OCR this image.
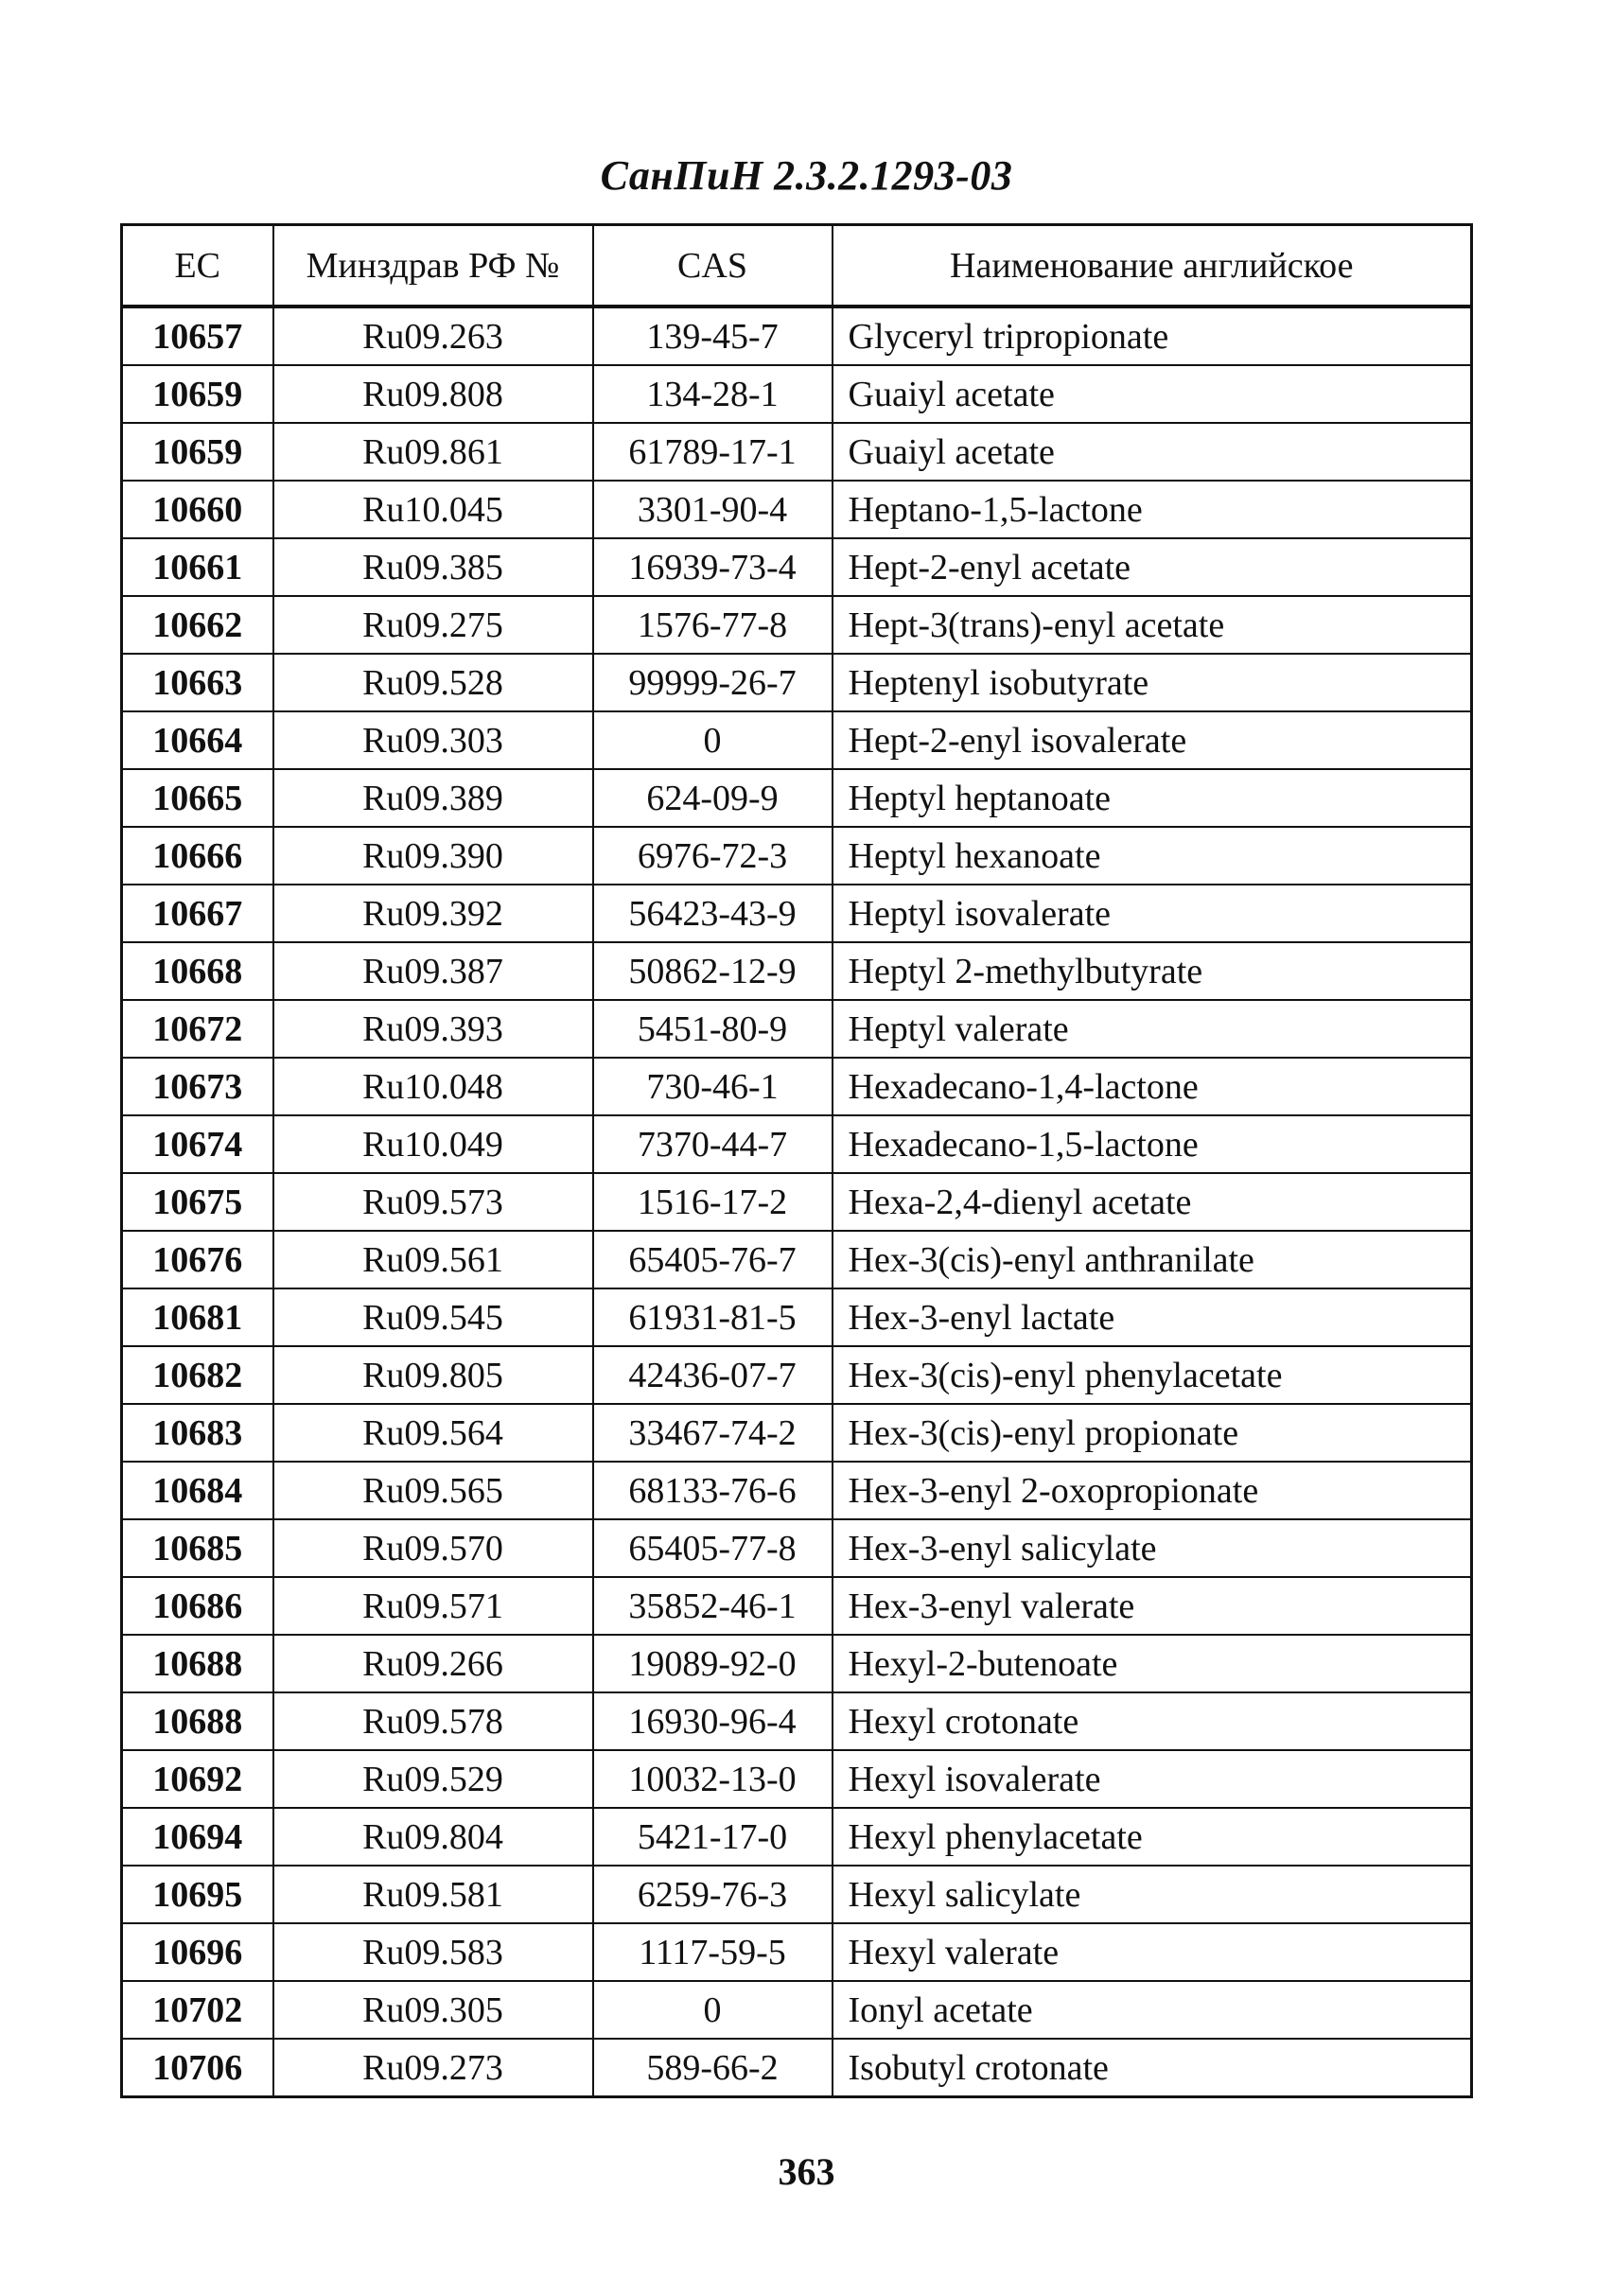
СанПиН 2.3.2.1293-03
EC	Минздрав РФ №	CAS	Наименование английское
10657	Ru09.263	139-45-7	Glyceryl tripropionate
10659	Ru09.808	134-28-1	Guaiyl acetate
10659	Ru09.861	61789-17-1	Guaiyl acetate
10660	Ru10.045	3301-90-4	Heptano-1,5-lactone
10661	Ru09.385	16939-73-4	Hept-2-enyl acetate
10662	Ru09.275	1576-77-8	Hept-3(trans)-enyl acetate
10663	Ru09.528	99999-26-7	Heptenyl isobutyrate
10664	Ru09.303	0	Hept-2-enyl isovalerate
10665	Ru09.389	624-09-9	Heptyl heptanoate
10666	Ru09.390	6976-72-3	Heptyl hexanoate
10667	Ru09.392	56423-43-9	Heptyl isovalerate
10668	Ru09.387	50862-12-9	Heptyl 2-methylbutyrate
10672	Ru09.393	5451-80-9	Heptyl valerate
10673	Ru10.048	730-46-1	Hexadecano-1,4-lactone
10674	Ru10.049	7370-44-7	Hexadecano-1,5-lactone
10675	Ru09.573	1516-17-2	Hexa-2,4-dienyl acetate
10676	Ru09.561	65405-76-7	Hex-3(cis)-enyl anthranilate
10681	Ru09.545	61931-81-5	Hex-3-enyl lactate
10682	Ru09.805	42436-07-7	Hex-3(cis)-enyl phenylacetate
10683	Ru09.564	33467-74-2	Hex-3(cis)-enyl propionate
10684	Ru09.565	68133-76-6	Hex-3-enyl 2-oxopropionate
10685	Ru09.570	65405-77-8	Hex-3-enyl salicylate
10686	Ru09.571	35852-46-1	Hex-3-enyl valerate
10688	Ru09.266	19089-92-0	Hexyl-2-butenoate
10688	Ru09.578	16930-96-4	Hexyl crotonate
10692	Ru09.529	10032-13-0	Hexyl isovalerate
10694	Ru09.804	5421-17-0	Hexyl phenylacetate
10695	Ru09.581	6259-76-3	Hexyl salicylate
10696	Ru09.583	1117-59-5	Hexyl valerate
10702	Ru09.305	0	Ionyl acetate
10706	Ru09.273	589-66-2	Isobutyl crotonate
363
